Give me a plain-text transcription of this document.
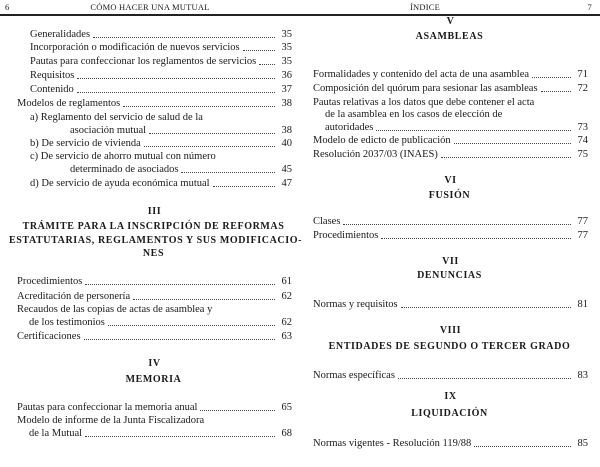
6	CÓMO HACER UNA MUTUAL
Generalidades	35
Incorporación o modificación de nuevos servicios	35
Pautas para confeccionar los reglamentos de servicios	35
Requisitos	36
Contenido	37
Modelos de reglamentos	38
a) Reglamento del servicio de salud de la
asociación mutual	38
b) De servicio de vivienda	40
c) De servicio de ahorro mutual con número
determinado de asociados	45
d) De servicio de ayuda económica mutual	47
III
TRÁMITE PARA LA INSCRIPCIÓN DE REFORMAS
ESTATUTARIAS, REGLAMENTOS Y SUS MODIFICACIO-
NES
Procedimientos	61
Acreditación de personería	62
Recaudos de las copias de actas de asamblea y
de los testimonios	62
Certificaciones	63
IV
MEMORIA
Pautas para confeccionar la memoria anual	65
Modelo de informe de la Junta Fiscalizadora
de la Mutual	68
ÍNDICE	7
V
ASAMBLEAS
Formalidades y contenido del acta de una asamblea	71
Composición del quórum para sesionar las asambleas	72
Pautas relativas a los datos que debe contener el acta
de la asamblea en los casos de elección de
autoridades	73
Modelo de edicto de publicación	74
Resolución 2037/03 (INAES)	75
VI
FUSIÓN
Clases	77
Procedimientos	77
VII
DENUNCIAS
Normas y requisitos	81
VIII
ENTIDADES DE SEGUNDO O TERCER GRADO
Normas específicas	83
IX
LIQUIDACIÓN
Normas vigentes - Resolución 119/88	85
